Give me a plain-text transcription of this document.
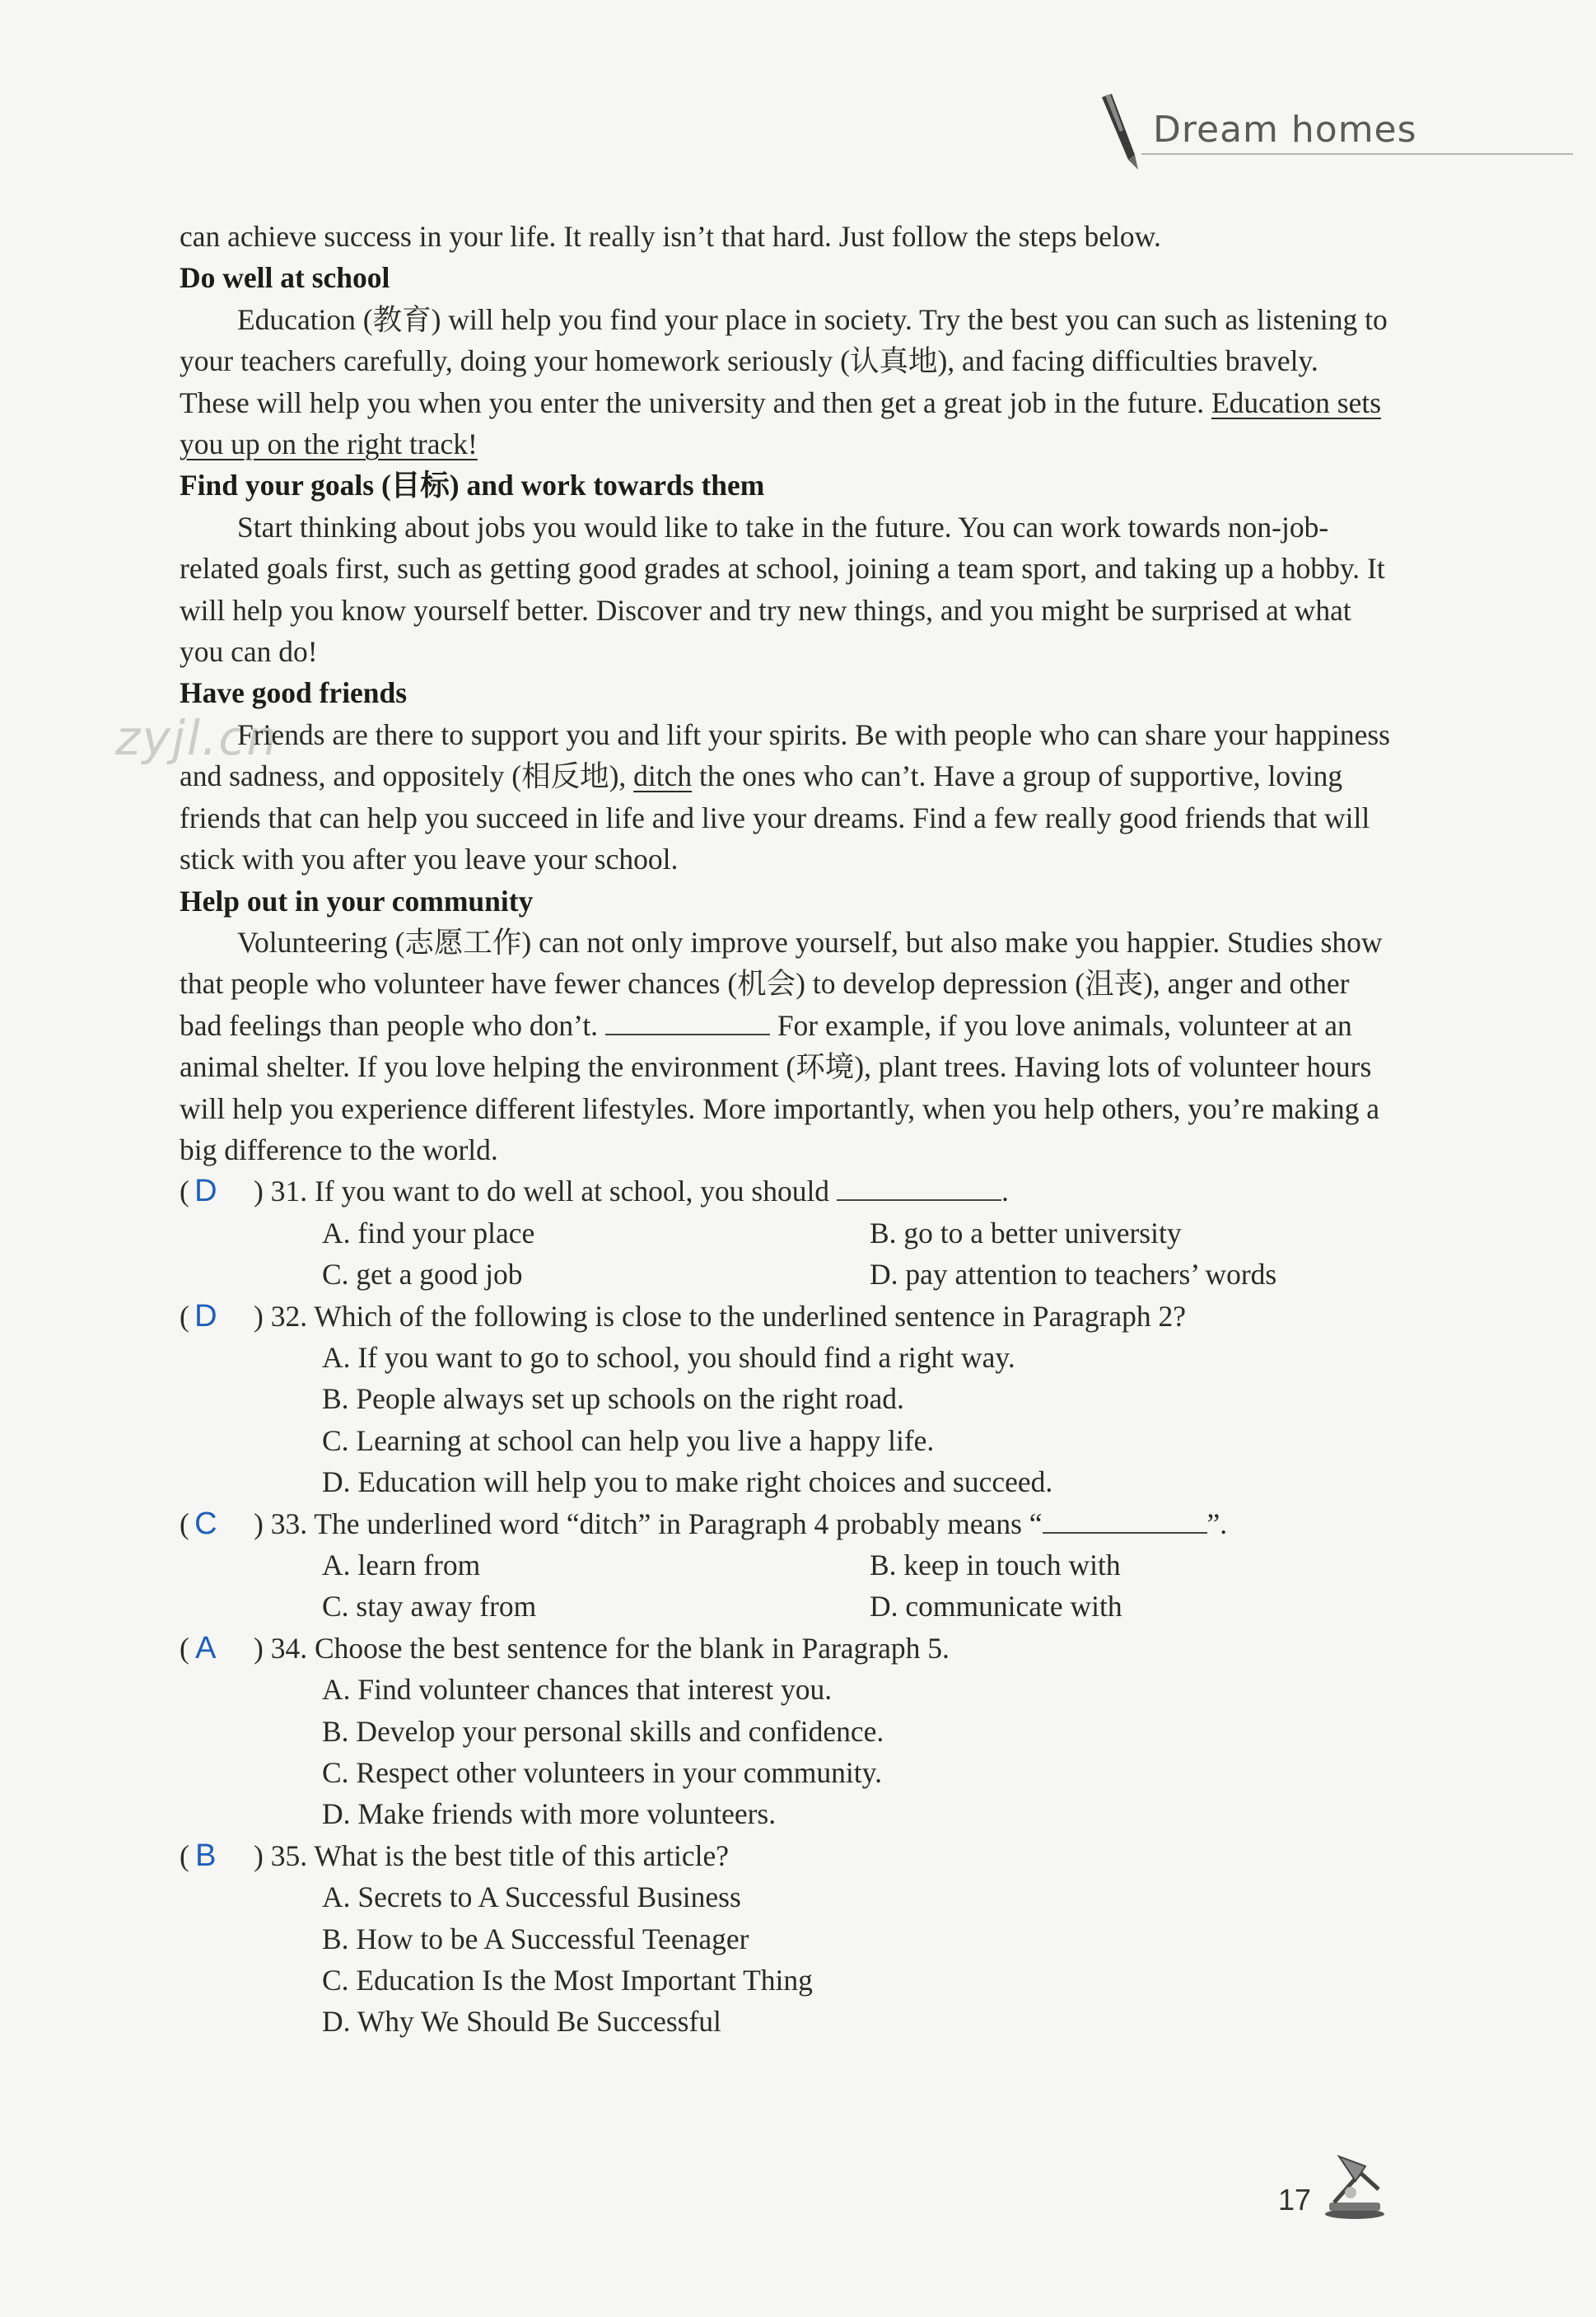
Dream homes
zyjl.cn

can achieve success in your life. It really isn’t that hard. Just follow the steps below.

Do well at school

Education (教育) will help you find your place in society. Try the best you can such as listening to your teachers carefully, doing your homework seriously (认真地), and facing difficulties bravely. These will help you when you enter the university and then get a great job in the future. Education sets you up on the right track!

Find your goals (目标) and work towards them

Start thinking about jobs you would like to take in the future. You can work towards non-job-related goals first, such as getting good grades at school, joining a team sport, and taking up a hobby. It will help you know yourself better. Discover and try new things, and you might be surprised at what you can do!

Have good friends

Friends are there to support you and lift your spirits. Be with people who can share your happiness and sadness, and oppositely (相反地), ditch the ones who can’t. Have a group of supportive, loving friends that can help you succeed in life and live your dreams. Find a few really good friends that will stick with you after you leave your school.

Help out in your community

Volunteering (志愿工作) can not only improve yourself, but also make you happier. Studies show that people who volunteer have fewer chances (机会) to develop depression (沮丧), anger and other bad feelings than people who don’t.	For example, if you love animals, volunteer at an animal shelter. If you love helping the environment (环境), plant trees. Having lots of volunteer hours will help you experience different lifestyles. More importantly, when you help others, you’re making a big difference to the world.

( D	) 31. If you want to do well at school, you should	.
A. find your place	B. go to a better university
C. get a good job	D. pay attention to teachers’ words
( D	) 32. Which of the following is close to the underlined sentence in Paragraph 2?
A. If you want to go to school, you should find a right way.
B. People always set up schools on the right road.
C. Learning at school can help you live a happy life.
D. Education will help you to make right choices and succeed.
( C	) 33. The underlined word “ditch” in Paragraph 4 probably means “	”.
A. learn from	B. keep in touch with
C. stay away from	D. communicate with
( A	) 34. Choose the best sentence for the blank in Paragraph 5.
A. Find volunteer chances that interest you.
B. Develop your personal skills and confidence.
C. Respect other volunteers in your community.
D. Make friends with more volunteers.
( B	) 35. What is the best title of this article?
A. Secrets to A Successful Business
B. How to be A Successful Teenager
C. Education Is the Most Important Thing
D. Why We Should Be Successful
17
